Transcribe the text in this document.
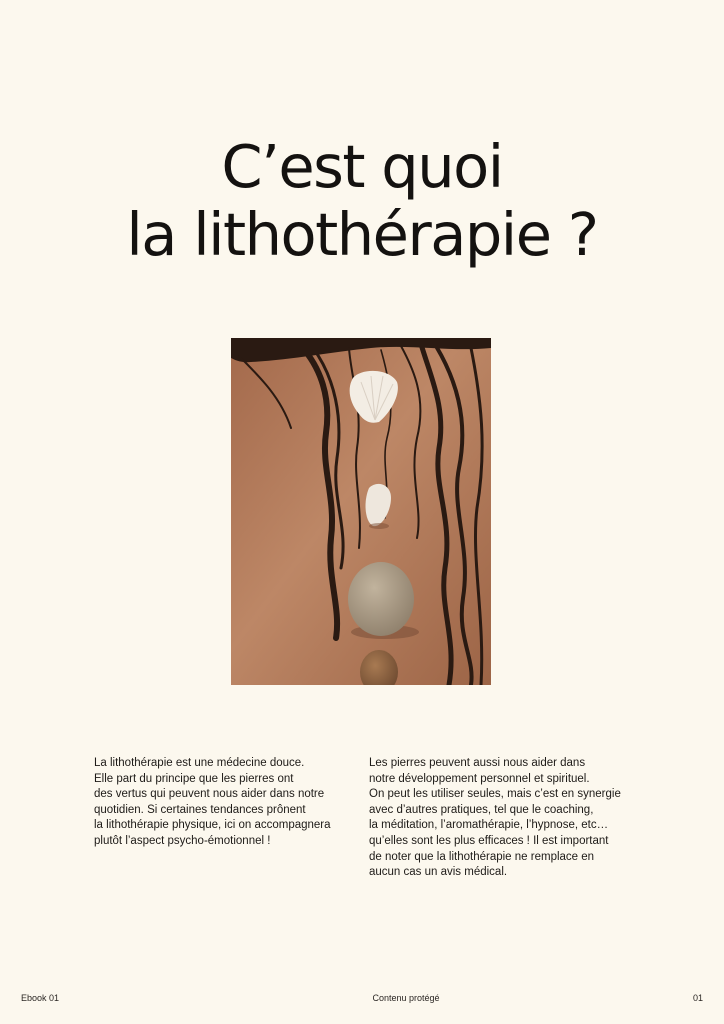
C’est quoi
la lithothérapie ?
La lithothérapie est une médecine douce.
Elle part du principe que les pierres ont
des vertus qui peuvent nous aider dans notre
quotidien. Si certaines tendances prônent
la lithothérapie physique, ici on accompagnera
plutôt l’aspect psycho-émotionnel !
Les pierres peuvent aussi nous aider dans
notre développement personnel et spirituel.
On peut les utiliser seules, mais c’est en synergie
avec d’autres pratiques, tel que le coaching,
la méditation, l’aromathérapie, l’hypnose, etc…
qu’elles sont les plus efficaces ! Il est important
de noter que la lithothérapie ne remplace en
aucun cas un avis médical.
Ebook 01	Contenu protégé	01
